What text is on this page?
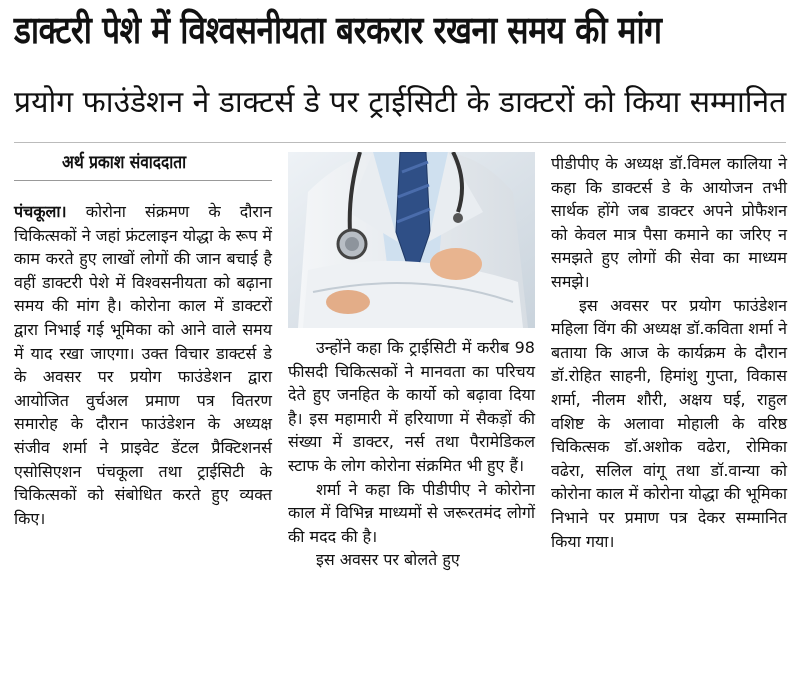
डाक्टरी पेशे में विश्वसनीयता बरकरार रखना समय की मांग
प्रयोग फाउंडेशन ने डाक्टर्स डे पर ट्राईसिटी के डाक्टरों को किया सम्मानित
अर्थ प्रकाश संवाददाता

पंचकूला। कोरोना संक्रमण के दौरान चिकित्सकों ने जहां फ्रंटलाइन योद्धा के रूप में काम करते हुए लाखों लोगों की जान बचाई है वहीं डाक्टरी पेशे में विश्वसनीयता को बढ़ाना समय की मांग है। कोरोना काल में डाक्टरों द्वारा निभाई गई भूमिका को आने वाले समय में याद रखा जाएगा। उक्त विचार डाक्टर्स डे के अवसर पर प्रयोग फाउंडेशन द्वारा आयोजित वुर्चअल प्रमाण पत्र वितरण समारोह के दौरान फाउंडेशन के अध्यक्ष संजीव शर्मा ने प्राइवेट डेंटल प्रैक्टिशनर्स एसोसिएशन पंचकूला तथा ट्राईसिटी के चिकित्सकों को संबोधित करते हुए व्यक्त किए।

उन्होंने कहा कि ट्राईसिटी में करीब 98 फीसदी चिकित्सकों ने मानवता का परिचय देते हुए जनहित के कार्यो को बढ़ावा दिया है। इस महामारी में हरियाणा में सैकड़ों की संख्या में डाक्टर, नर्स तथा पैरामेडिकल स्टाफ के लोग कोरोना संक्रमित भी हुए हैं।

शर्मा ने कहा कि पीडीपीए ने कोरोना काल में विभिन्न माध्यमों से जरूरतमंद लोगों की मदद की है।

इस अवसर पर बोलते हुए

पीडीपीए के अध्यक्ष डॉ.विमल कालिया ने कहा कि डाक्टर्स डे के आयोजन तभी सार्थक होंगे जब डाक्टर अपने प्रोफैशन को केवल मात्र पैसा कमाने का जरिए न समझते हुए लोगों की सेवा का माध्यम समझे।

इस अवसर पर प्रयोग फाउंडेशन महिला विंग की अध्यक्ष डॉ.कविता शर्मा ने बताया कि आज के कार्यक्रम के दौरान डॉ.रोहित साहनी, हिमांशु गुप्ता, विकास शर्मा, नीलम शौरी, अक्षय घई, राहुल वशिष्ट के अलावा मोहाली के वरिष्ठ चिकित्सक डॉ.अशोक वढेरा, रोमिका वढेरा, सलिल वांगू तथा डॉ.वान्या को कोरोना काल में कोरोना योद्धा की भूमिका निभाने पर प्रमाण पत्र देकर सम्मानित किया गया।
